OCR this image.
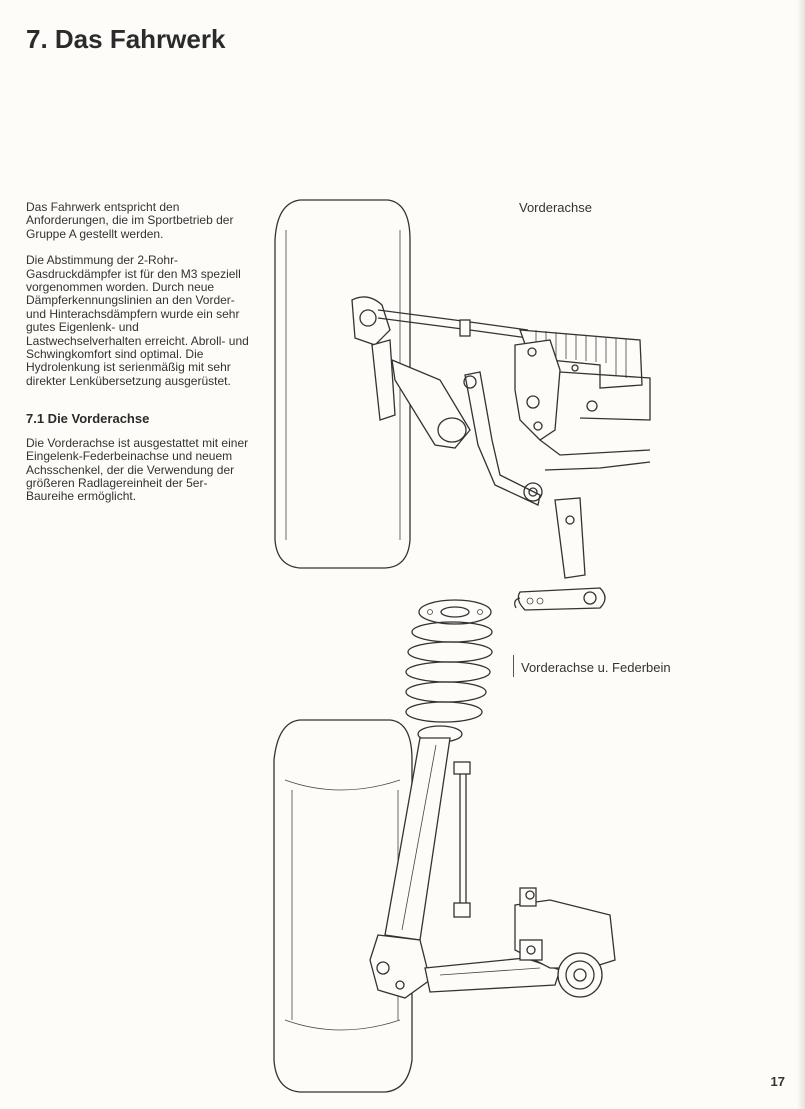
7. Das Fahrwerk

Das Fahrwerk entspricht den Anforderungen, die im Sportbetrieb der Gruppe A gestellt werden.

Die Abstimmung der 2-Rohr-Gasdruckdämpfer ist für den M3 speziell vorgenommen worden. Durch neue Dämpferkennungslinien an den Vorder- und Hinterachsdämpfern wurde ein sehr gutes Eigenlenk- und Lastwechselverhalten erreicht. Abroll- und Schwingkomfort sind optimal. Die Hydrolenkung ist serienmäßig mit sehr direkter Lenkübersetzung ausgerüstet.

7.1 Die Vorderachse

Die Vorderachse ist ausgestattet mit einer Eingelenk-Federbeinachse und neuem Achsschenkel, der die Verwendung der größeren Radlagereinheit der 5er-Baureihe ermöglicht.

Vorderachse
Vorderachse u. Federbein
17
